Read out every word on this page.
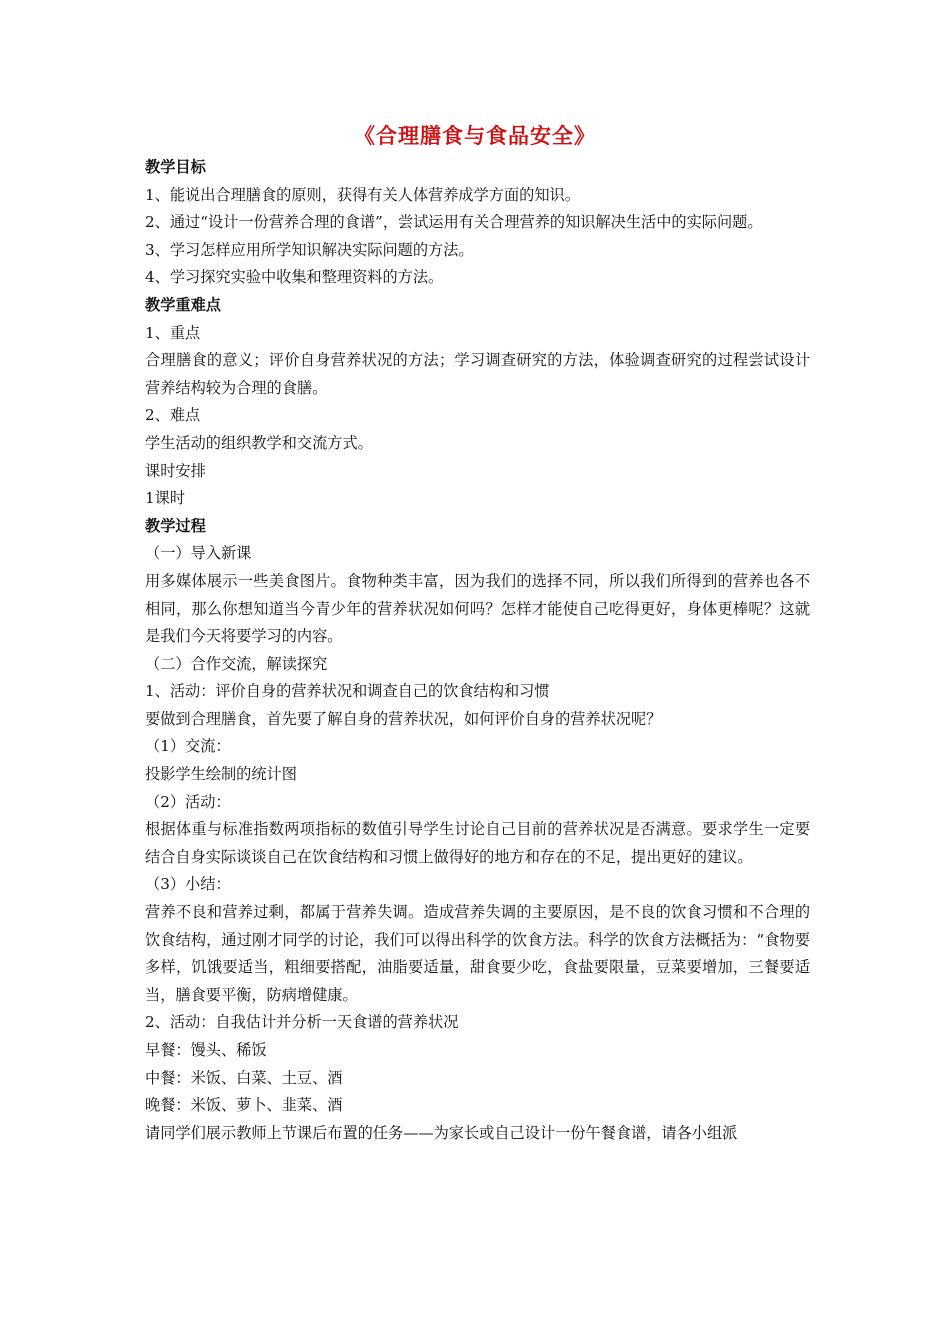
《合理膳食与食品安全》

教学目标

1、能说出合理膳食的原则，获得有关人体营养成学方面的知识。

2、通过“设计一份营养合理的食谱”，尝试运用有关合理营养的知识解决生活中的实际问题。

3、学习怎样应用所学知识解决实际问题的方法。

4、学习探究实验中收集和整理资料的方法。

教学重难点

1、重点

合理膳食的意义；评价自身营养状况的方法；学习调查研究的方法，体验调查研究的过程尝试设计营养结构较为合理的食膳。

2、难点

学生活动的组织教学和交流方式。

课时安排

1课时

教学过程

（一）导入新课

用多媒体展示一些美食图片。食物种类丰富，因为我们的选择不同，所以我们所得到的营养也各不相同，那么你想知道当今青少年的营养状况如何吗？怎样才能使自己吃得更好，身体更棒呢？这就是我们今天将要学习的内容。

（二）合作交流，解读探究

1、活动：评价自身的营养状况和调查自己的饮食结构和习惯

要做到合理膳食，首先要了解自身的营养状况，如何评价自身的营养状况呢？

（1）交流：

投影学生绘制的统计图

（2）活动：

根据体重与标准指数两项指标的数值引导学生讨论自己目前的营养状况是否满意。要求学生一定要结合自身实际谈谈自己在饮食结构和习惯上做得好的地方和存在的不足，提出更好的建议。

（3）小结：

营养不良和营养过剩，都属于营养失调。造成营养失调的主要原因，是不良的饮食习惯和不合理的饮食结构，通过刚才同学的讨论，我们可以得出科学的饮食方法。科学的饮食方法概括为：“食物要多样，饥饿要适当，粗细要搭配，油脂要适量，甜食要少吃，食盐要限量，豆菜要增加，三餐要适当，膳食要平衡，防病增健康。

2、活动：自我估计并分析一天食谱的营养状况

早餐：馒头、稀饭

中餐：米饭、白菜、土豆、酒

晚餐：米饭、萝卜、韭菜、酒

请同学们展示教师上节课后布置的任务——为家长或自己设计一份午餐食谱，请各小组派
